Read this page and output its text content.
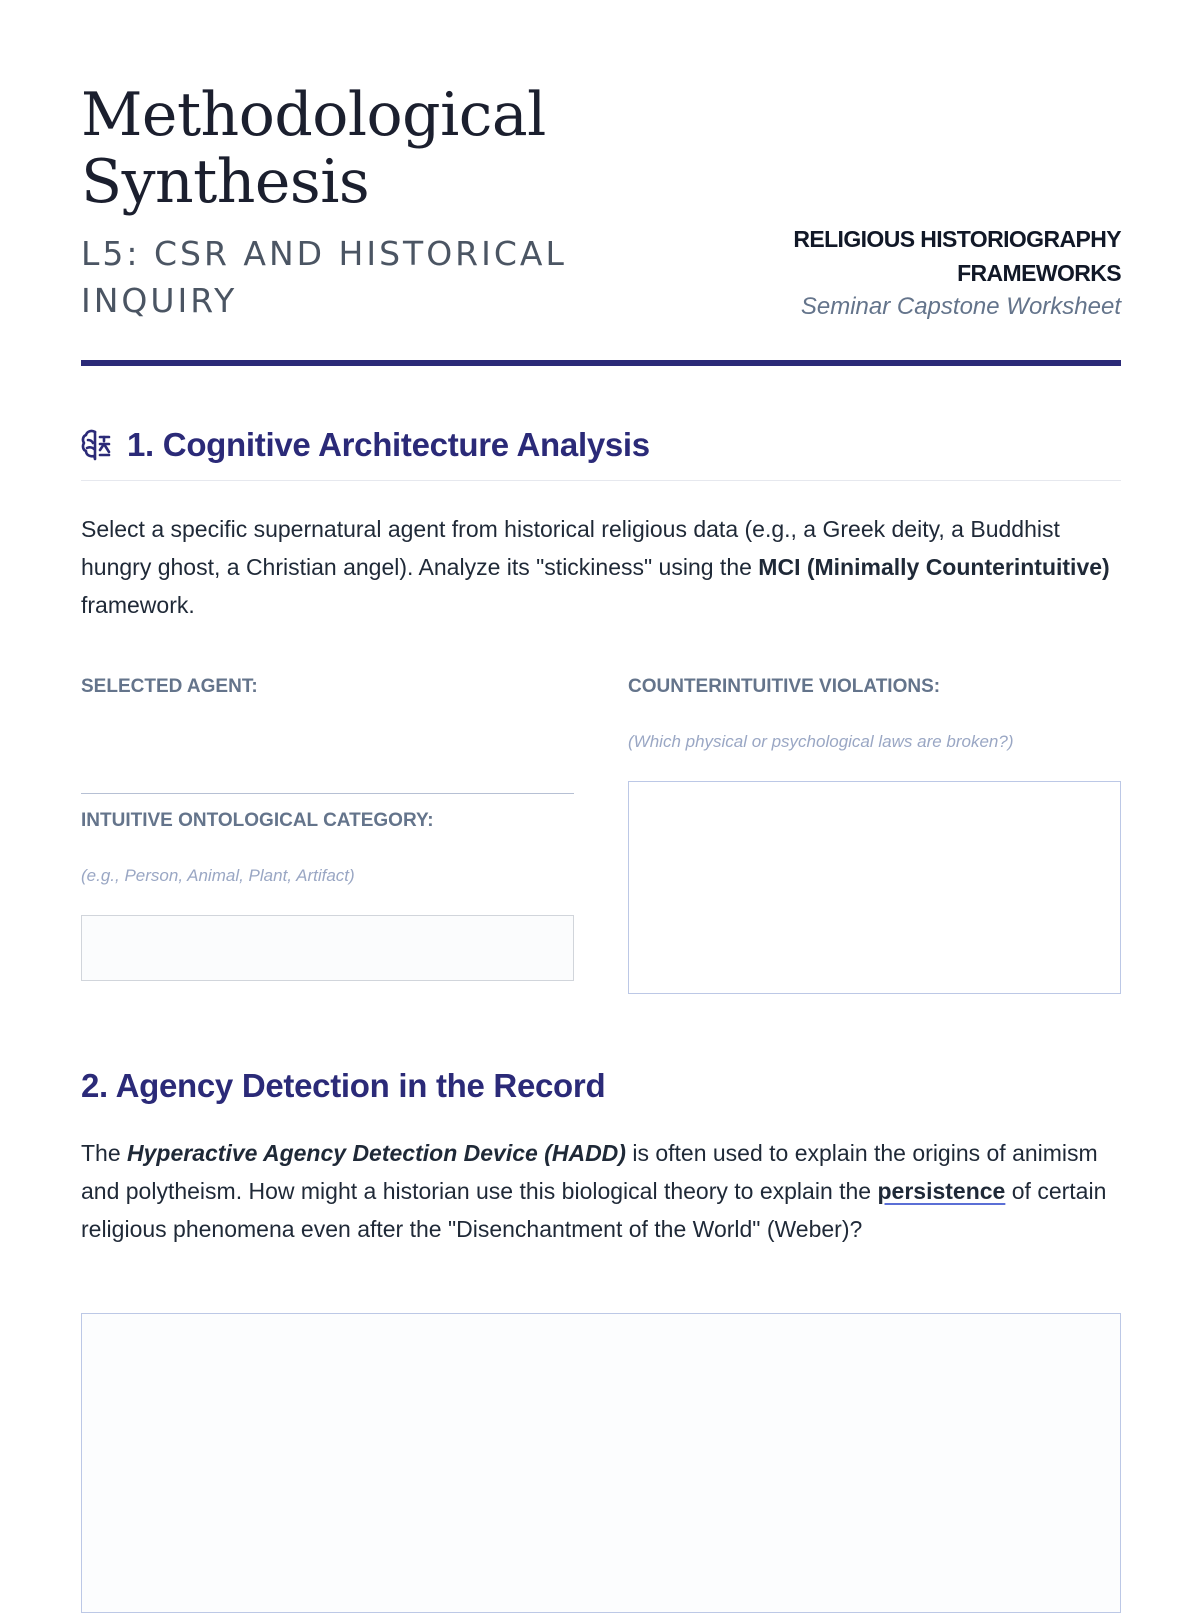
Methodological
Synthesis
L5: CSR AND HISTORICAL INQUIRY
RELIGIOUS HISTORIOGRAPHY FRAMEWORKS
Seminar Capstone Worksheet
1. Cognitive Architecture Analysis

Select a specific supernatural agent from historical religious data (e.g., a Greek deity, a Buddhist hungry ghost, a Christian angel). Analyze its "stickiness" using the MCI (Minimally Counterintuitive) framework.

SELECTED AGENT:
INTUITIVE ONTOLOGICAL CATEGORY:
(e.g., Person, Animal, Plant, Artifact)
COUNTERINTUITIVE VIOLATIONS:
(Which physical or psychological laws are broken?)
2. Agency Detection in the Record

The Hyperactive Agency Detection Device (HADD) is often used to explain the origins of animism and polytheism. How might a historian use this biological theory to explain the persistence of certain religious phenomena even after the "Disenchantment of the World" (Weber)?
